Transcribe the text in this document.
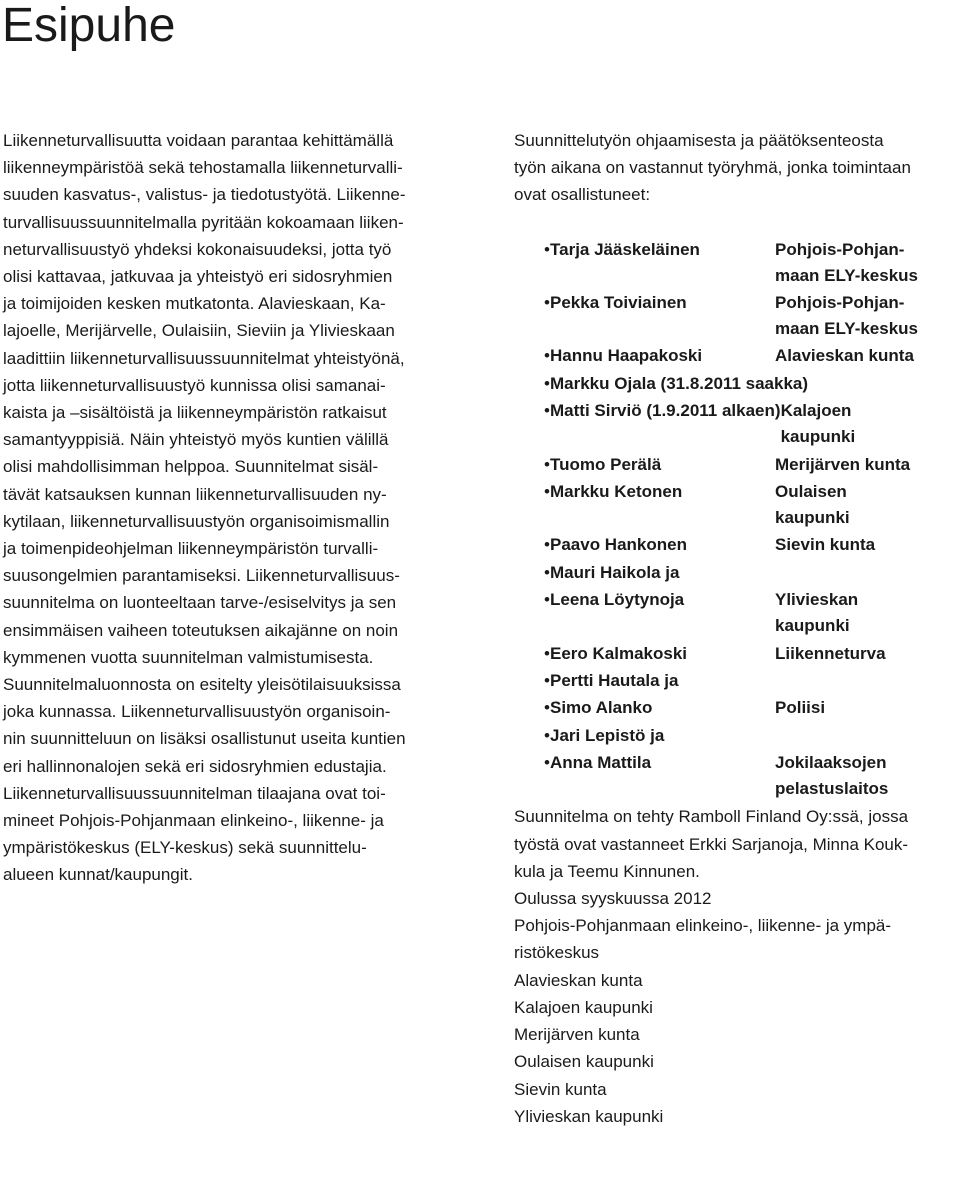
Esipuhe

Liikenneturvallisuutta voidaan parantaa kehittämällä
liikenneympäristöä sekä tehostamalla liikenneturvalli-
suuden kasvatus-, valistus- ja tiedotustyötä. Liikenne-
turvallisuussuunnitelmalla pyritään kokoamaan liiken-
neturvallisuustyö yhdeksi kokonaisuudeksi, jotta työ
olisi kattavaa, jatkuvaa ja yhteistyö eri sidosryhmien
ja toimijoiden kesken mutkatonta. Alavieskaan, Ka-
lajoelle, Merijärvelle, Oulaisiin, Sieviin ja Ylivieskaan
laadittiin liikenneturvallisuussuunnitelmat yhteistyönä,
jotta liikenneturvallisuustyö kunnissa olisi samanai-
kaista ja –sisältöistä ja liikenneympäristön ratkaisut
samantyyppisiä. Näin yhteistyö myös kuntien välillä
olisi mahdollisimman helppoa. Suunnitelmat sisäl-
tävät katsauksen kunnan liikenneturvallisuuden ny-
kytilaan, liikenneturvallisuustyön organisoimismallin
ja toimenpideohjelman liikenneympäristön turvalli-
suusongelmien parantamiseksi. Liikenneturvallisuus-
suunnitelma on luonteeltaan tarve-/esiselvitys ja sen
ensimmäisen vaiheen toteutuksen aikajänne on noin
kymmenen vuotta suunnitelman valmistumisesta.

Suunnitelmaluonnosta on esitelty yleisötilaisuuksissa
joka kunnassa. Liikenneturvallisuustyön organisoin-
nin suunnitteluun on lisäksi osallistunut useita kuntien
eri hallinnonalojen sekä eri sidosryhmien edustajia.

Liikenneturvallisuussuunnitelman tilaajana ovat toi-
mineet Pohjois-Pohjanmaan elinkeino-, liikenne- ja
ympäristökeskus (ELY-keskus) sekä suunnittelu-
alueen kunnat/kaupungit.

Suunnittelutyön ohjaamisesta ja päätöksenteosta
työn aikana on vastannut työryhmä, jonka toimintaan
ovat osallistuneet:

• Tarja Jääskeläinen	Pohjois-Pohjan-
maan ELY-keskus
• Pekka Toiviainen	Pohjois-Pohjan-
maan ELY-keskus
• Hannu Haapakoski	Alavieskan kunta
• Markku Ojala (31.8.2011 saakka)
• Matti Sirviö (1.9.2011 alkaen) Kalajoen
kaupunki
• Tuomo Perälä	Merijärven kunta
• Markku Ketonen	Oulaisen
kaupunki
• Paavo Hankonen	Sievin kunta
• Mauri Haikola ja
• Leena Löytynoja	Ylivieskan
kaupunki
• Eero Kalmakoski	Liikenneturva
• Pertti Hautala ja
• Simo Alanko	Poliisi
• Jari Lepistö ja
• Anna Mattila	Jokilaaksojen
pelastuslaitos

Suunnitelma on tehty Ramboll Finland Oy:ssä, jossa
työstä ovat vastanneet Erkki Sarjanoja, Minna Kouk-
kula ja Teemu Kinnunen.

Oulussa syyskuussa 2012

Pohjois-Pohjanmaan elinkeino-, liikenne- ja ympä-
ristökeskus
Alavieskan kunta
Kalajoen kaupunki
Merijärven kunta
Oulaisen kaupunki
Sievin kunta
Ylivieskan kaupunki
